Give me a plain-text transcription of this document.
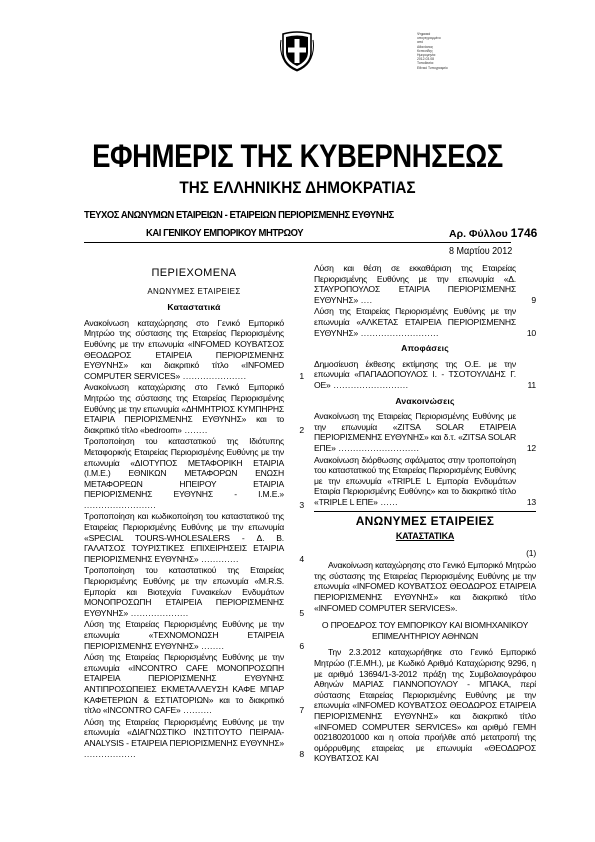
Ψηφιακά
υπογεγραμμένο
από
Αθανάσιος
Κεπεσίδης
Ημερομηνία:
2012.03.08
Τοποθεσία:
Εθνικό Τυπογραφείο
ΕΦΗΜΕΡΙΣ ΤΗΣ ΚΥΒΕΡΝΗΣΕΩΣ
ΤΗΣ ΕΛΛΗΝΙΚΗΣ ΔΗΜΟΚΡΑΤΙΑΣ
ΤΕΥΧΟΣ ΑΝΩΝΥΜΩΝ ΕΤΑΙΡΕΙΩΝ - ΕΤΑΙΡΕΙΩΝ ΠΕΡΙΟΡΙΣΜΕΝΗΣ ΕΥΘΥΝΗΣ
ΚΑΙ ΓΕΝΙΚΟΥ ΕΜΠΟΡΙΚΟΥ ΜΗΤΡΩΟΥ	Αρ. Φύλλου 1746
8 Μαρτίου 2012
ΠΕΡΙΕΧΟΜΕΝΑ
ΑΝΩΝΥΜΕΣ ΕΤΑΙΡΕΙΕΣ
Καταστατικά
Ανακοίνωση καταχώρησης στο Γενικό Εμπορικό Μητρώο της σύστασης της Εταιρείας Περιορισμένης Ευθύνης με την επωνυμία «INFOMED ΚΟΥΒΑΤΣΟΣ ΘΕΟΔΩΡΟΣ ΕΤΑΙΡΕΙΑ ΠΕΡΙΟΡΙΣΜΕΝΗΣ ΕΥΘΥΝΗΣ» και διακριτικό τίτλο «INFOMED COMPUTER SERVICES» ......................	1
Ανακοίνωση καταχώρισης στο Γενικό Εμπορικό Μητρώο της σύστασης της Εταιρείας Περιορισμένης Ευθύνης με την επωνυμία «ΔΗΜΗΤΡΙΟΣ ΚΥΜΠΗΡΗΣ ΕΤΑΙΡΙΑ ΠΕΡΙΟΡΙΣΜΕΝΗΣ ΕΥΘΥΝΗΣ» και το διακριτικό τίτλο «bedroom» ........	2
Τροποποίηση του καταστατικού της Ιδιότυπης Μεταφορικής Εταιρείας Περιορισμένης Ευθύνης με την επωνυμία «ΔΙΟΤΥΠΟΣ ΜΕΤΑΦΟΡΙΚΗ ΕΤΑΙΡΙΑ (Ι.Μ.Ε.) ΕΘΝΙΚΩΝ ΜΕΤΑΦΟΡΩΝ ΕΝΩΣΗ ΜΕΤΑΦΟΡΕΩΝ ΗΠΕΙΡΟΥ ΕΤΑΙΡΙΑ ΠΕΡΙΟΡΙΣΜΕΝΗΣ ΕΥΘΥΝΗΣ - Ι.Μ.Ε.» .........................	3
Τροποποίηση και κωδικοποίηση του καταστατικού της Εταιρείας Περιορισμένης Ευθύνης με την επωνυμία «SPECIAL TOURS-WHOLESALERS - Δ. Β. ΓΑΛΑΤΣΟΣ ΤΟΥΡΙΣΤΙΚΕΣ ΕΠΙΧΕΙΡΗΣΕΙΣ ΕΤΑΙΡΙΑ ΠΕΡΙΟΡΙΣΜΕΝΗΣ ΕΥΘΥΝΗΣ» .............	4
Τροποποίηση του καταστατικού της Εταιρείας Περιορισμένης Ευθύνης με την επωνυμία «M.R.S. Εμπορία και Βιοτεχνία Γυναικείων Ενδυμάτων ΜΟΝΟΠΡΟΣΩΠΗ ΕΤΑΙΡΕΙΑ ΠΕΡΙΟΡΙΣΜΕΝΗΣ ΕΥΘΥΝΗΣ» ....................	5
Λύση της Εταιρείας Περιορισμένης Ευθύνης με την επωνυμία «ΤΕΧΝΟΜΟΝΩΣΗ ΕΤΑΙΡΕΙΑ ΠΕΡΙΟΡΙΣΜΕΝΗΣ ΕΥΘΥΝΗΣ» ........	6
Λύση της Εταιρείας Περιορισμένης Ευθύνης με την επωνυμία «INCONTRO CAFE ΜΟΝΟΠΡΟΣΩΠΗ ΕΤΑΙΡΕΙΑ ΠΕΡΙΟΡΙΣΜΕΝΗΣ ΕΥΘΥΝΗΣ ΑΝΤΙΠΡΟΣΩΠΕΙΕΣ ΕΚΜΕΤΑΛΛΕΥΣΗ ΚΑΦΕ ΜΠΑΡ ΚΑΦΕΤΕΡΙΩΝ & ΕΣΤΙΑΤΟΡΙΩΝ» και το διακριτικό τίτλο «INCONTRO CAFE» ..........	7
Λύση της Εταιρείας Περιορισμένης Ευθύνης με την επωνυμία «ΔΙΑΓΝΩΣΤΙΚΟ ΙΝΣΤΙΤΟΥΤΟ ΠΕΙΡΑΙΑ- ANALYSIS - ΕΤΑΙΡΕΙΑ ΠΕΡΙΟΡΙΣΜΕΝΗΣ ΕΥΘΥΝΗΣ» ..................	8
Λύση και θέση σε εκκαθάριση της Εταιρείας Περιορισμένης Ευθύνης με την επωνυμία «Δ. ΣΤΑΥΡΟΠΟΥΛΟΣ ΕΤΑΙΡΙΑ ΠΕΡΙΟΡΙΣΜΕΝΗΣ ΕΥΘΥΝΗΣ» ....	9
Λύση της Εταιρείας Περιορισμένης Ευθύνης με την επωνυμία «ΑΛΚΕΤΑΣ ΕΤΑΙΡΕΙΑ ΠΕΡΙΟΡΙΣΜΕΝΗΣ ΕΥΘΥΝΗΣ» ...........................	10
Αποφάσεις
Δημοσίευση έκθεσης εκτίμησης της Ο.Ε. με την επωνυμία «ΠΑΠΑΔΟΠΟΥΛΟΣ Ι. - ΤΣΟΤΟΥΛΙΔΗΣ Γ. ΟΕ» ..........................	11
Ανακοινώσεις
Ανακοίνωση της Εταιρείας Περιορισμένης Ευθύνης με την επωνυμία «ZITSA SOLAR ΕΤΑΙΡΕΙΑ ΠΕΡΙΟΡΙΣΜΕΝΗΣ ΕΥΘΥΝΗΣ» και δ.τ. «ZITSA SOLAR ΕΠΕ» ............................	12
Ανακοίνωση διόρθωσης σφάλματος στην τροποποίηση του καταστατικού της Εταιρείας Περιορισμένης Ευθύνης με την επωνυμία «TRIPLE L Εμπορία Ενδυμάτων Εταιρία Περιορισμένης Ευθύνης» και το διακριτικό τίτλο «TRIPLE L ΕΠΕ» ......	13
ΑΝΩΝΥΜΕΣ ΕΤΑΙΡΕΙΕΣ
ΚΑΤΑΣΤΑΤΙΚΑ
(1)
Ανακοίνωση καταχώρησης στο Γενικό Εμπορικό Μητρώο της σύστασης της Εταιρείας Περιορισμένης Ευθύνης με την επωνυμία «INFOMED ΚΟΥΒΑΤΣΟΣ ΘΕΟΔΩΡΟΣ ΕΤΑΙΡΕΙΑ ΠΕΡΙΟΡΙΣΜΕΝΗΣ ΕΥΘΥΝΗΣ» και διακριτικό τίτλο «INFOMED COMPUTER SERVICES».
Ο ΠΡΟΕΔΡΟΣ ΤΟΥ ΕΜΠΟΡΙΚΟΥ ΚΑΙ ΒΙΟΜΗΧΑΝΙΚΟΥ
ΕΠΙΜΕΛΗΤΗΡΙΟΥ ΑΘΗΝΩΝ
Την 2.3.2012 καταχωρήθηκε στο Γενικό Εμπορικό Μητρώο (Γ.Ε.ΜΗ.), με Κωδικό Αριθμό Καταχώρισης 9296, η με αριθμό 13694/1-3-2012 πράξη της Συμβολαιογράφου Αθηνών ΜΑΡΙΑΣ ΓΙΑΝΝΟΠΟΥΛΟΥ - ΜΠΑΚΑ, περί σύστασης Εταιρείας Περιορισμένης Ευθύνης με την επωνυμία «INFOMED ΚΟΥΒΑΤΣΟΣ ΘΕΟΔΩΡΟΣ ΕΤΑΙΡΕΙΑ ΠΕΡΙΟΡΙΣΜΕΝΗΣ ΕΥΘΥΝΗΣ» και διακριτικό τίτλο «INFOMED COMPUTER SERVICES» και αριθμό ΓΕΜΗ 002180201000 και η οποία προήλθε από μετατροπή της ομόρρυθμης εταιρείας με επωνυμία «ΘΕΟΔΩΡΟΣ ΚΟΥΒΑΤΣΟΣ ΚΑΙ
